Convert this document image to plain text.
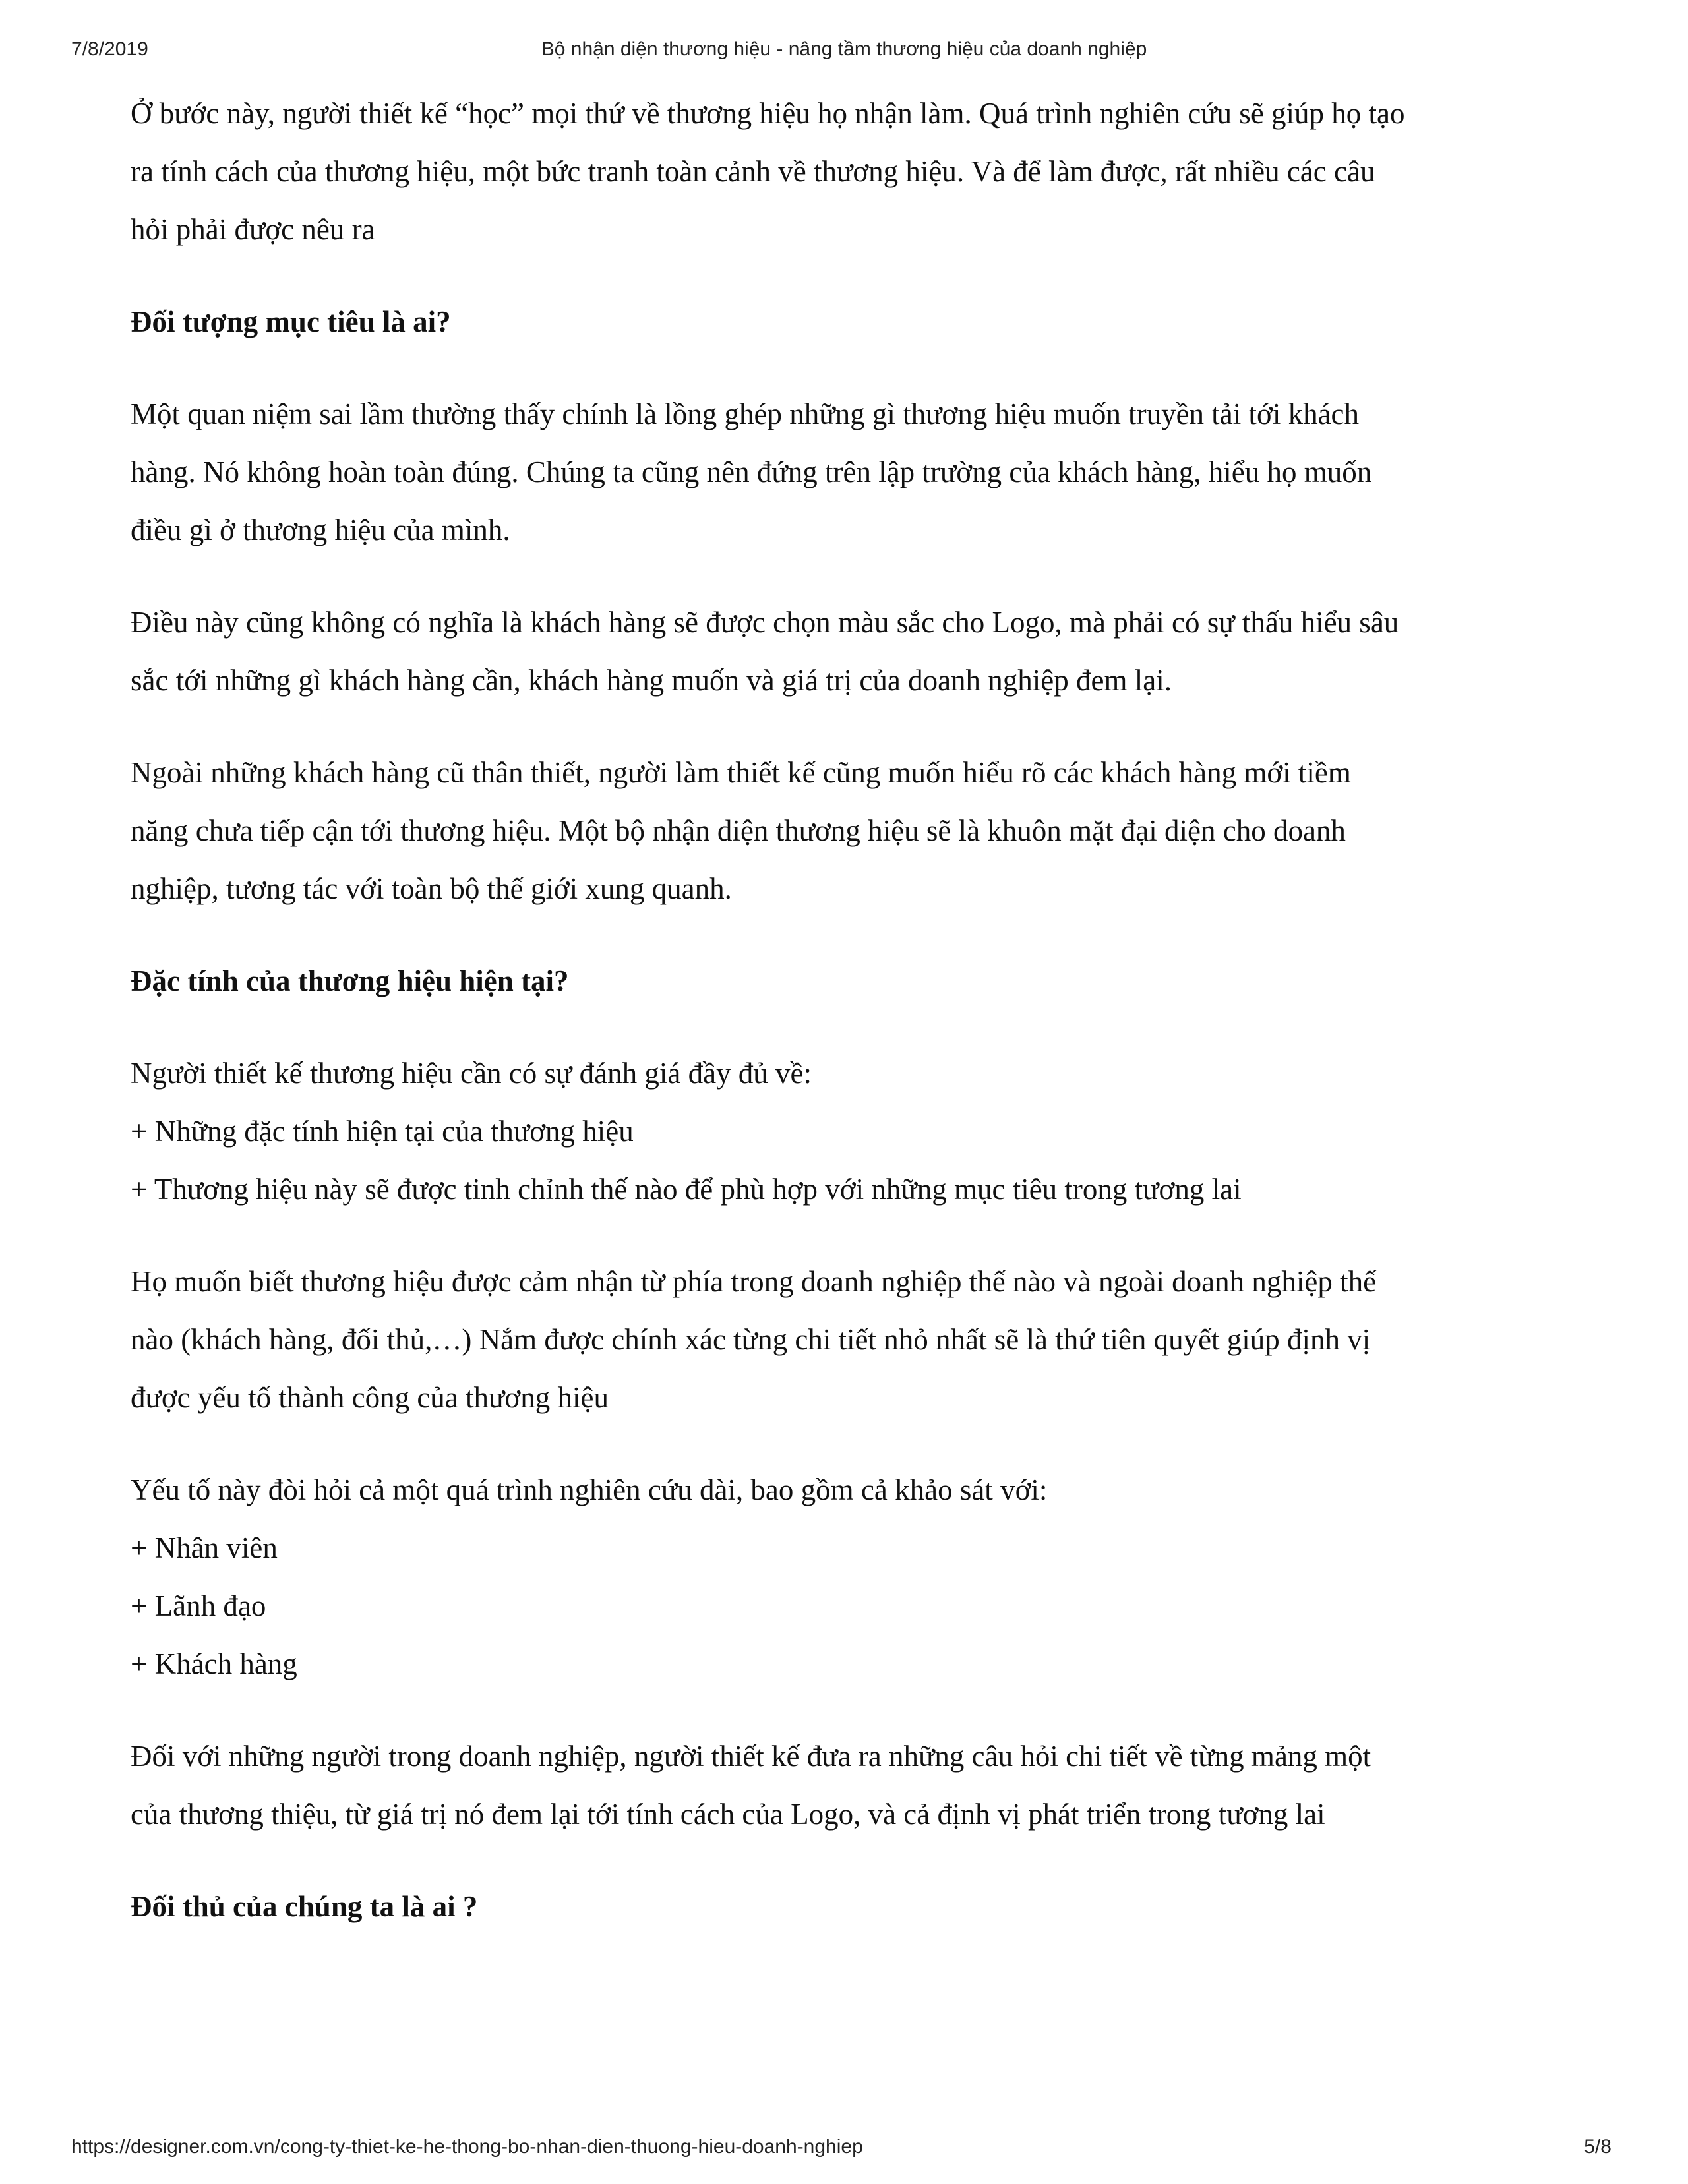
7/8/2019	Bộ nhận diện thương hiệu - nâng tầm thương hiệu của doanh nghiệp

Ở bước này, người thiết kế “học” mọi thứ về thương hiệu họ nhận làm. Quá trình nghiên cứu sẽ giúp họ tạo
ra tính cách của thương hiệu, một bức tranh toàn cảnh về thương hiệu. Và để làm được, rất nhiều các câu
hỏi phải được nêu ra

Đối tượng mục tiêu là ai?

Một quan niệm sai lầm thường thấy chính là lồng ghép những gì thương hiệu muốn truyền tải tới khách
hàng. Nó không hoàn toàn đúng. Chúng ta cũng nên đứng trên lập trường của khách hàng, hiểu họ muốn
điều gì ở thương hiệu của mình.

Điều này cũng không có nghĩa là khách hàng sẽ được chọn màu sắc cho Logo, mà phải có sự thấu hiểu sâu
sắc tới những gì khách hàng cần, khách hàng muốn và giá trị của doanh nghiệp đem lại.

Ngoài những khách hàng cũ thân thiết, người làm thiết kế cũng muốn hiểu rõ các khách hàng mới tiềm
năng chưa tiếp cận tới thương hiệu. Một bộ nhận diện thương hiệu sẽ là khuôn mặt đại diện cho doanh
nghiệp, tương tác với toàn bộ thế giới xung quanh.

Đặc tính của thương hiệu hiện tại?

Người thiết kế thương hiệu cần có sự đánh giá đầy đủ về:
+ Những đặc tính hiện tại của thương hiệu
+ Thương hiệu này sẽ được tinh chỉnh thế nào để phù hợp với những mục tiêu trong tương lai

Họ muốn biết thương hiệu được cảm nhận từ phía trong doanh nghiệp thế nào và ngoài doanh nghiệp thế
nào (khách hàng, đối thủ,…) Nắm được chính xác từng chi tiết nhỏ nhất sẽ là thứ tiên quyết giúp định vị
được yếu tố thành công của thương hiệu

Yếu tố này đòi hỏi cả một quá trình nghiên cứu dài, bao gồm cả khảo sát với:
+ Nhân viên
+ Lãnh đạo
+ Khách hàng

Đối với những người trong doanh nghiệp, người thiết kế đưa ra những câu hỏi chi tiết về từng mảng một
của thương thiệu, từ giá trị nó đem lại tới tính cách của Logo, và cả định vị phát triển trong tương lai

Đối thủ của chúng ta là ai ?

https://designer.com.vn/cong-ty-thiet-ke-he-thong-bo-nhan-dien-thuong-hieu-doanh-nghiep	5/8
